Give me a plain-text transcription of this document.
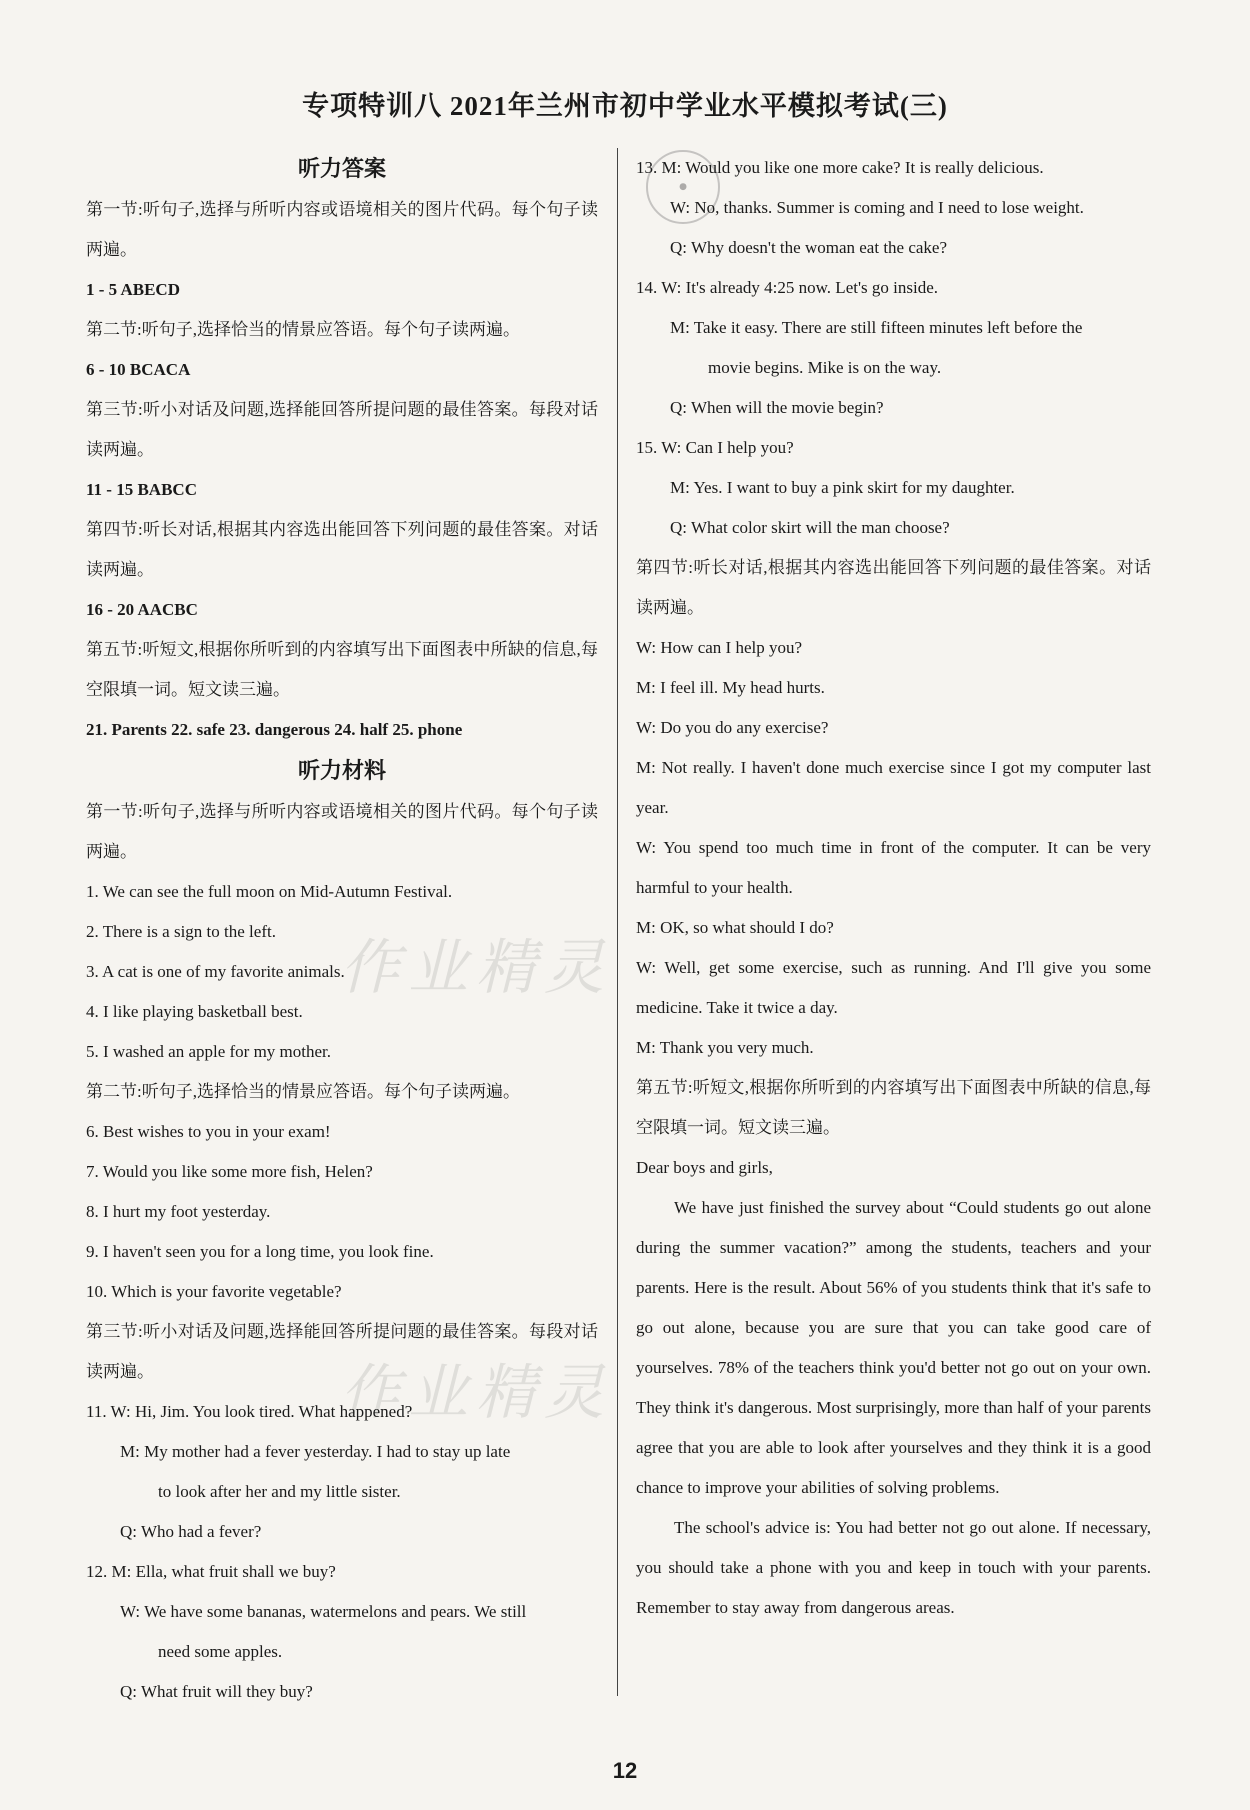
专项特训八 2021年兰州市初中学业水平模拟考试(三)
●
作业精灵
作业精灵
听力答案
第一节:听句子,选择与所听内容或语境相关的图片代码。每个句子读两遍。
1 - 5 ABECD
第二节:听句子,选择恰当的情景应答语。每个句子读两遍。
6 - 10 BCACA
第三节:听小对话及问题,选择能回答所提问题的最佳答案。每段对话读两遍。
11 - 15 BABCC
第四节:听长对话,根据其内容选出能回答下列问题的最佳答案。对话读两遍。
16 - 20 AACBC
第五节:听短文,根据你所听到的内容填写出下面图表中所缺的信息,每空限填一词。短文读三遍。
21. Parents 22. safe 23. dangerous 24. half 25. phone
听力材料
第一节:听句子,选择与所听内容或语境相关的图片代码。每个句子读两遍。
1. We can see the full moon on Mid-Autumn Festival.
2. There is a sign to the left.
3. A cat is one of my favorite animals.
4. I like playing basketball best.
5. I washed an apple for my mother.
第二节:听句子,选择恰当的情景应答语。每个句子读两遍。
6. Best wishes to you in your exam!
7. Would you like some more fish, Helen?
8. I hurt my foot yesterday.
9. I haven't seen you for a long time, you look fine.
10. Which is your favorite vegetable?
第三节:听小对话及问题,选择能回答所提问题的最佳答案。每段对话读两遍。
11. W: Hi, Jim. You look tired. What happened?
M: My mother had a fever yesterday. I had to stay up late
to look after her and my little sister.
Q: Who had a fever?
12. M: Ella, what fruit shall we buy?
W: We have some bananas, watermelons and pears. We still
need some apples.
Q: What fruit will they buy?
13. M: Would you like one more cake? It is really delicious.
W: No, thanks. Summer is coming and I need to lose weight.
Q: Why doesn't the woman eat the cake?
14. W: It's already 4:25 now. Let's go inside.
M: Take it easy. There are still fifteen minutes left before the
movie begins. Mike is on the way.
Q: When will the movie begin?
15. W: Can I help you?
M: Yes. I want to buy a pink skirt for my daughter.
Q: What color skirt will the man choose?
第四节:听长对话,根据其内容选出能回答下列问题的最佳答案。对话读两遍。
W: How can I help you?
M: I feel ill. My head hurts.
W: Do you do any exercise?
M: Not really. I haven't done much exercise since I got my computer last year.
W: You spend too much time in front of the computer. It can be very harmful to your health.
M: OK, so what should I do?
W: Well, get some exercise, such as running. And I'll give you some medicine. Take it twice a day.
M: Thank you very much.
第五节:听短文,根据你所听到的内容填写出下面图表中所缺的信息,每空限填一词。短文读三遍。
Dear boys and girls,
We have just finished the survey about “Could students go out alone during the summer vacation?” among the students, teachers and your parents. Here is the result. About 56% of you students think that it's safe to go out alone, because you are sure that you can take good care of yourselves. 78% of the teachers think you'd better not go out on your own. They think it's dangerous. Most surprisingly, more than half of your parents agree that you are able to look after yourselves and they think it is a good chance to improve your abilities of solving problems.
The school's advice is: You had better not go out alone. If necessary, you should take a phone with you and keep in touch with your parents. Remember to stay away from dangerous areas.
12
